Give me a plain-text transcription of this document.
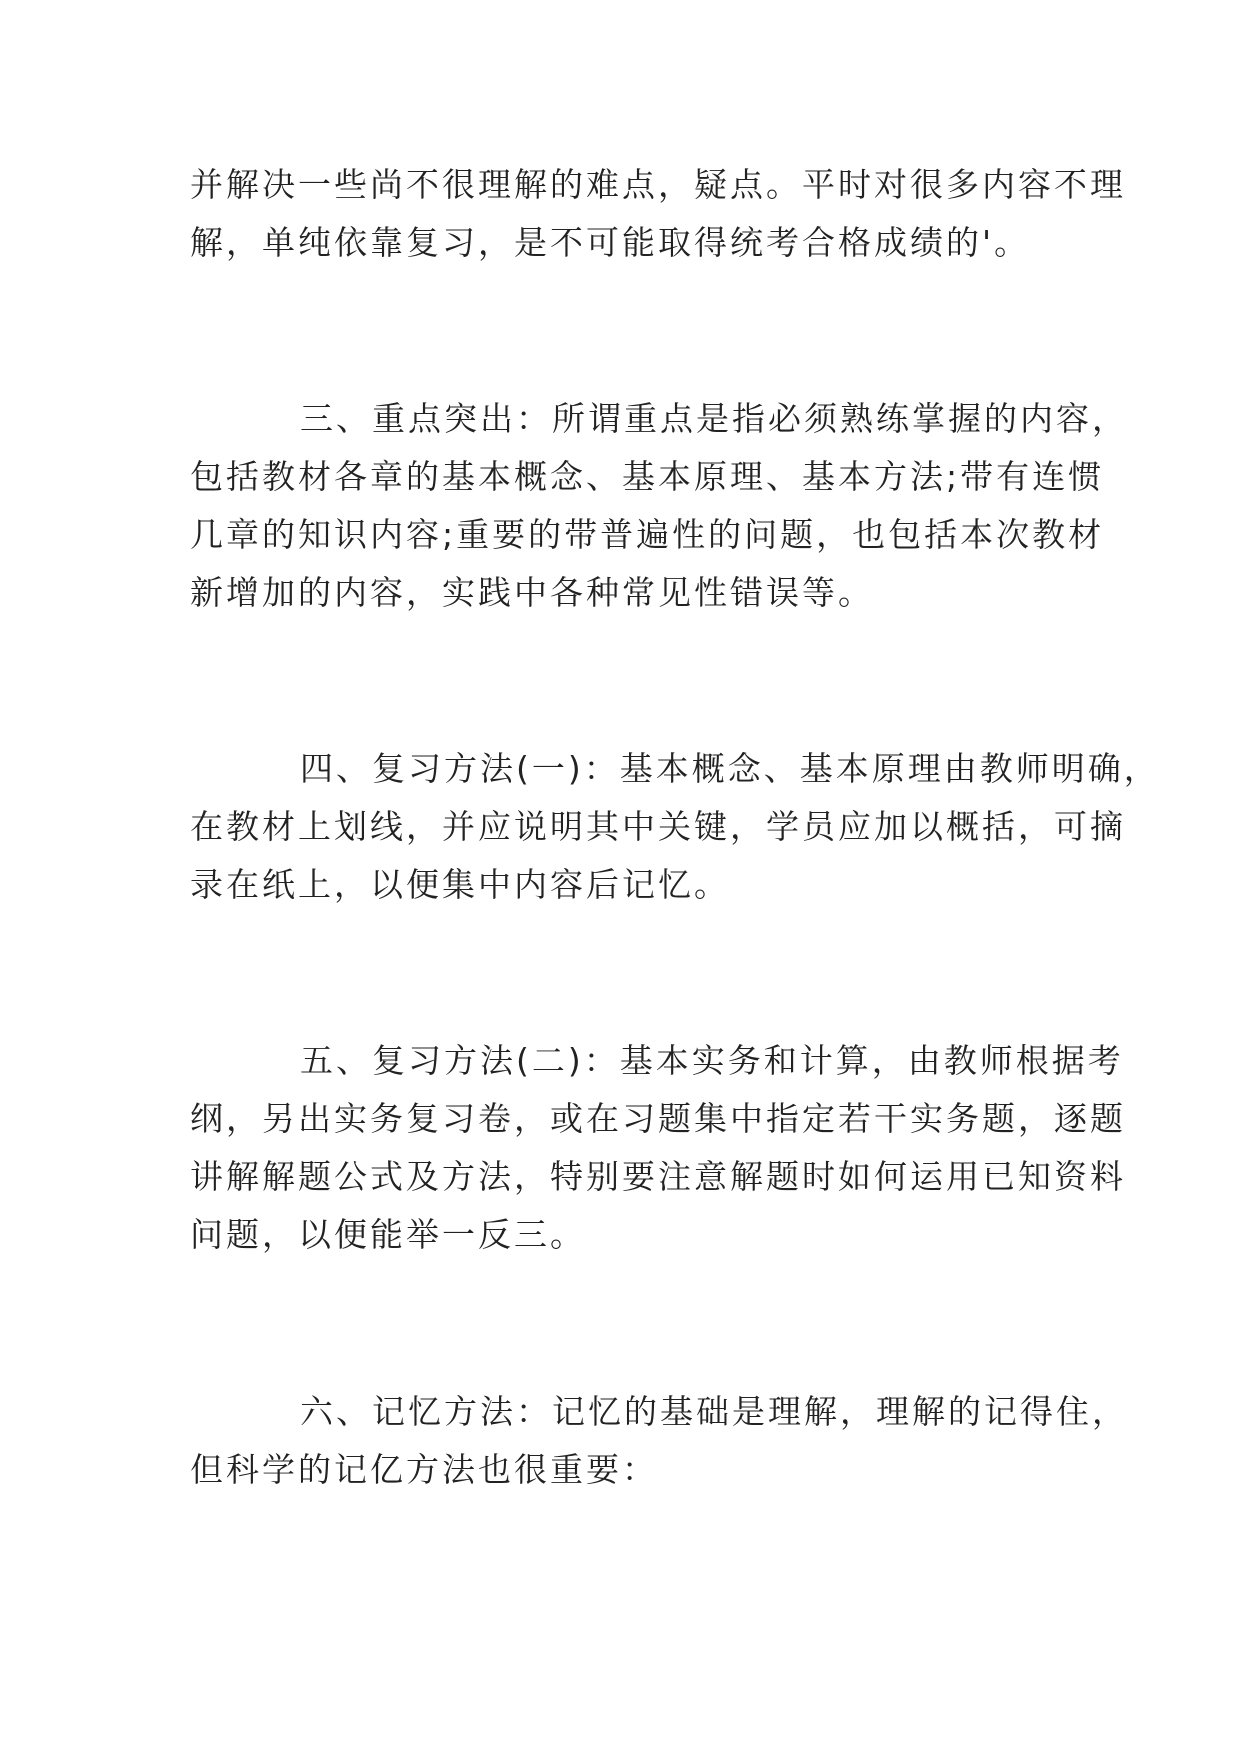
并解决一些尚不很理解的难点，疑点。平时对很多内容不理
解，单纯依靠复习，是不可能取得统考合格成绩的'。
三、重点突出：所谓重点是指必须熟练掌握的内容，
包括教材各章的基本概念、基本原理、基本方法;带有连惯
几章的知识内容;重要的带普遍性的问题，也包括本次教材
新增加的内容，实践中各种常见性错误等。
四、复习方法(一)：基本概念、基本原理由教师明确，
在教材上划线，并应说明其中关键，学员应加以概括，可摘
录在纸上，以便集中内容后记忆。
五、复习方法(二)：基本实务和计算，由教师根据考
纲，另出实务复习卷，或在习题集中指定若干实务题，逐题
讲解解题公式及方法，特别要注意解题时如何运用已知资料
问题，以便能举一反三。
六、记忆方法：记忆的基础是理解，理解的记得住，
但科学的记亿方法也很重要：
